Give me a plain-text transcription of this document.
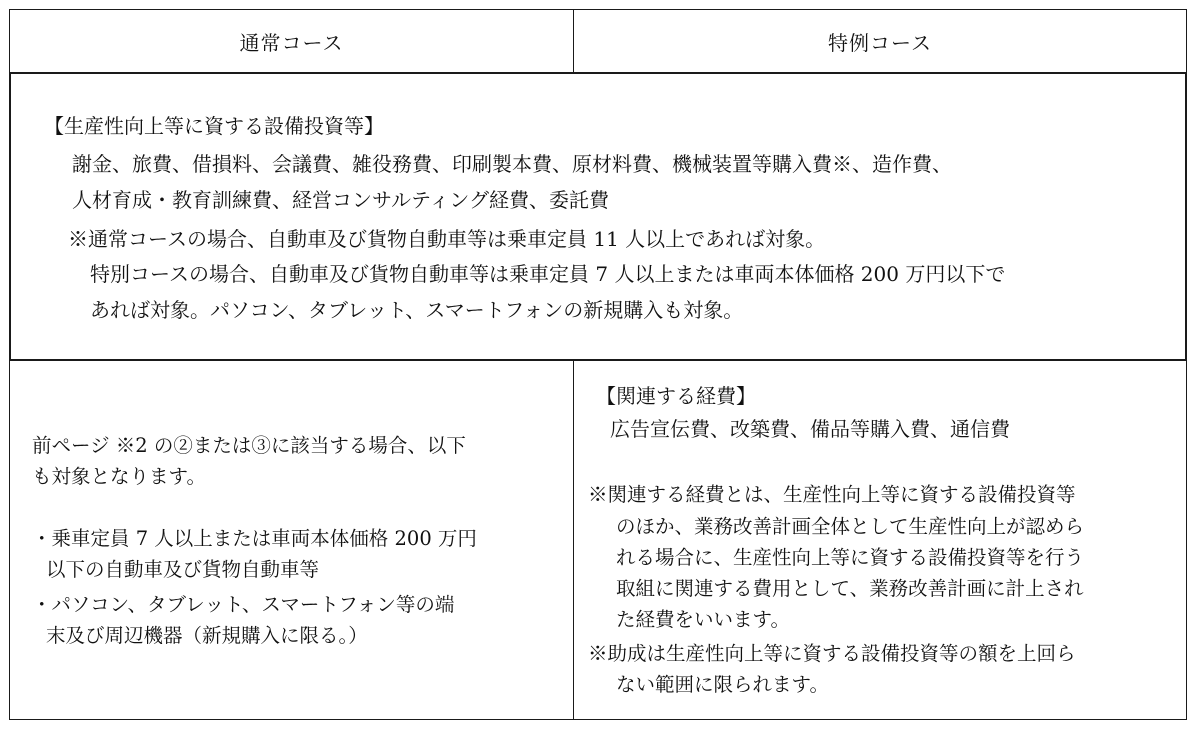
通常コース	特例コース
【生産性向上等に資する設備投資等】
謝金、旅費、借損料、会議費、雑役務費、印刷製本費、原材料費、機械装置等購入費※、造作費、
人材育成・教育訓練費、経営コンサルティング経費、委託費
※通常コースの場合、自動車及び貨物自動車等は乗車定員 11 人以上であれば対象。
特別コースの場合、自動車及び貨物自動車等は乗車定員 7 人以上または車両本体価格 200 万円以下で
あれば対象。パソコン、タブレット、スマートフォンの新規購入も対象。
前ページ ※2 の②または③に該当する場合、以下
も対象となります。
・乗車定員 7 人以上または車両本体価格 200 万円
以下の自動車及び貨物自動車等
・パソコン、タブレット、スマートフォン等の端
末及び周辺機器（新規購入に限る。）
【関連する経費】
広告宣伝費、改築費、備品等購入費、通信費
※関連する経費とは、生産性向上等に資する設備投資等
のほか、業務改善計画全体として生産性向上が認めら
れる場合に、生産性向上等に資する設備投資等を行う
取組に関連する費用として、業務改善計画に計上され
た経費をいいます。
※助成は生産性向上等に資する設備投資等の額を上回ら
ない範囲に限られます。
